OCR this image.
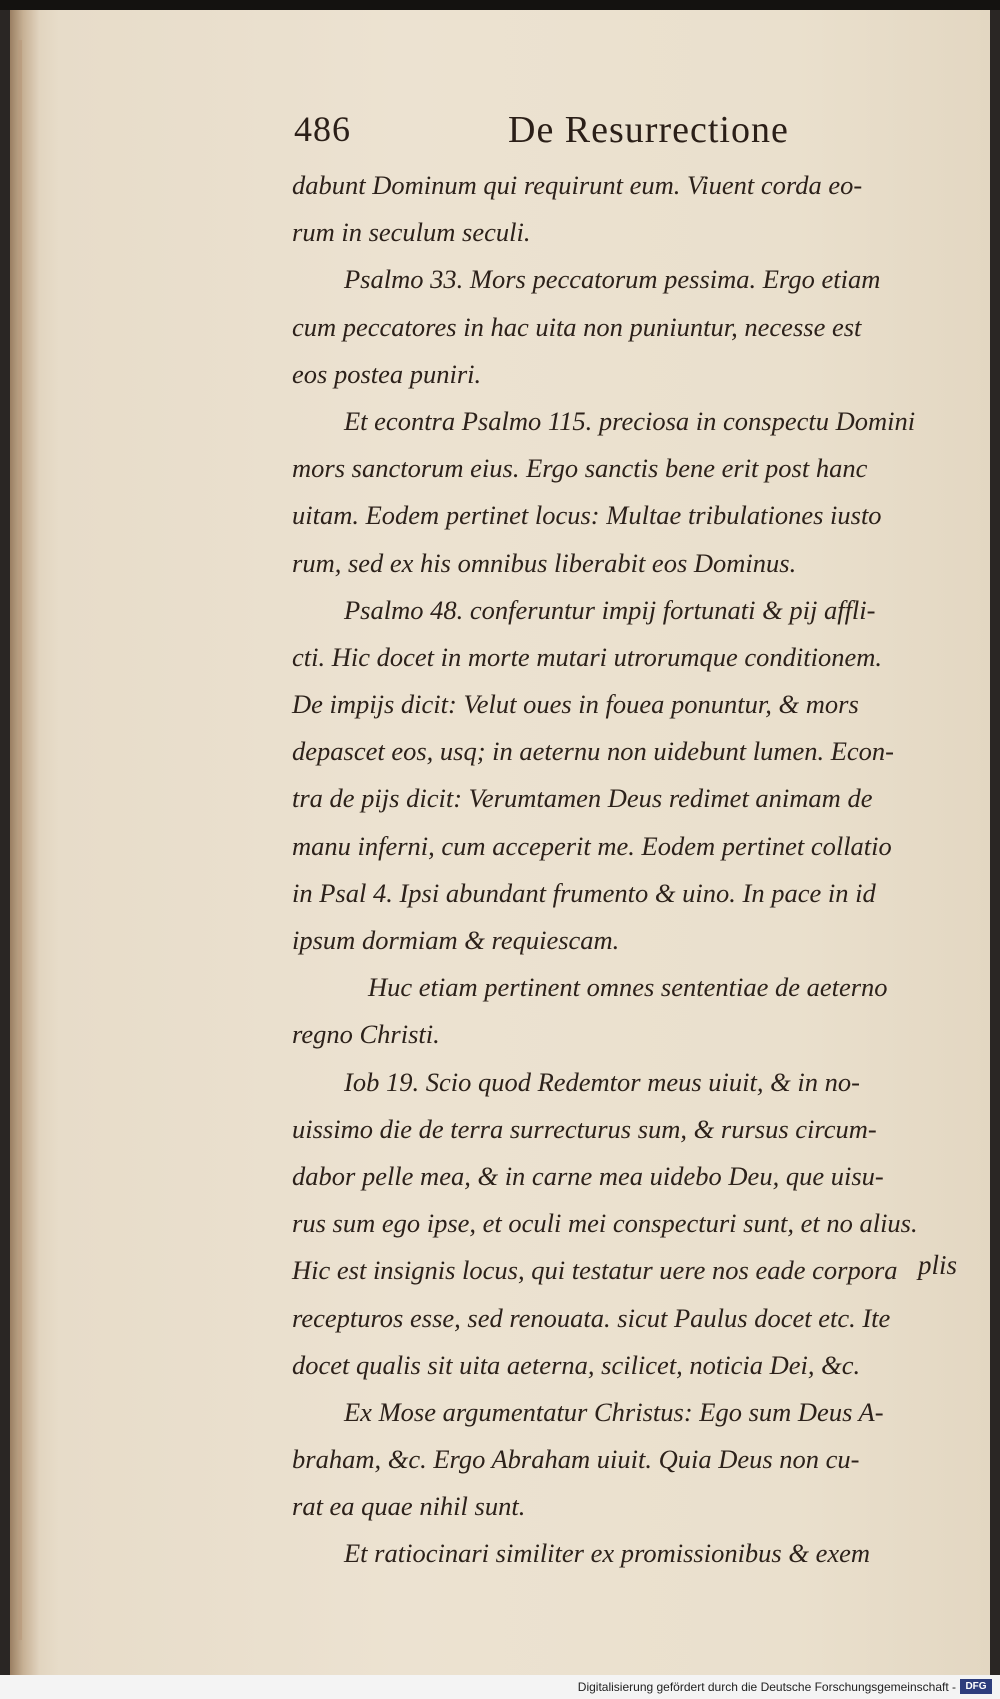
486	De Resurrectione
dabunt Dominum qui requirunt eum. Viuent corda eo-
rum in seculum seculi.
Psalmo 33. Mors peccatorum pessima. Ergo etiam
cum peccatores in hac uita non puniuntur, necesse est
eos postea puniri.
Et econtra Psalmo 115. preciosa in conspectu Domini
mors sanctorum eius. Ergo sanctis bene erit post hanc
uitam. Eodem pertinet locus: Multae tribulationes iusto
rum, sed ex his omnibus liberabit eos Dominus.
Psalmo 48. conferuntur impij fortunati & pij affli-
cti. Hic docet in morte mutari utrorumque conditionem.
De impijs dicit: Velut oues in fouea ponuntur, & mors
depascet eos, usq; in aeternu non uidebunt lumen. Econ-
tra de pijs dicit: Verumtamen Deus redimet animam de
manu inferni, cum acceperit me. Eodem pertinet collatio
in Psal 4. Ipsi abundant frumento & uino. In pace in id
ipsum dormiam & requiescam.
Huc etiam pertinent omnes sententiae de aeterno
regno Christi.
Iob 19. Scio quod Redemtor meus uiuit, & in no-
uissimo die de terra surrecturus sum, & rursus circum-
dabor pelle mea, & in carne mea uidebo Deu, que uisu-
rus sum ego ipse, et oculi mei conspecturi sunt, et no alius.
Hic est insignis locus, qui testatur uere nos eade corpora
recepturos esse, sed renouata. sicut Paulus docet etc. Ite
docet qualis sit uita aeterna, scilicet, noticia Dei, &c.
Ex Mose argumentatur Christus: Ego sum Deus A-
braham, &c. Ergo Abraham uiuit. Quia Deus non cu-
rat ea quae nihil sunt.
Et ratiocinari similiter ex promissionibus & exem
plis
Digitalisierung gefördert durch die Deutsche Forschungsgemeinschaft - DFG
